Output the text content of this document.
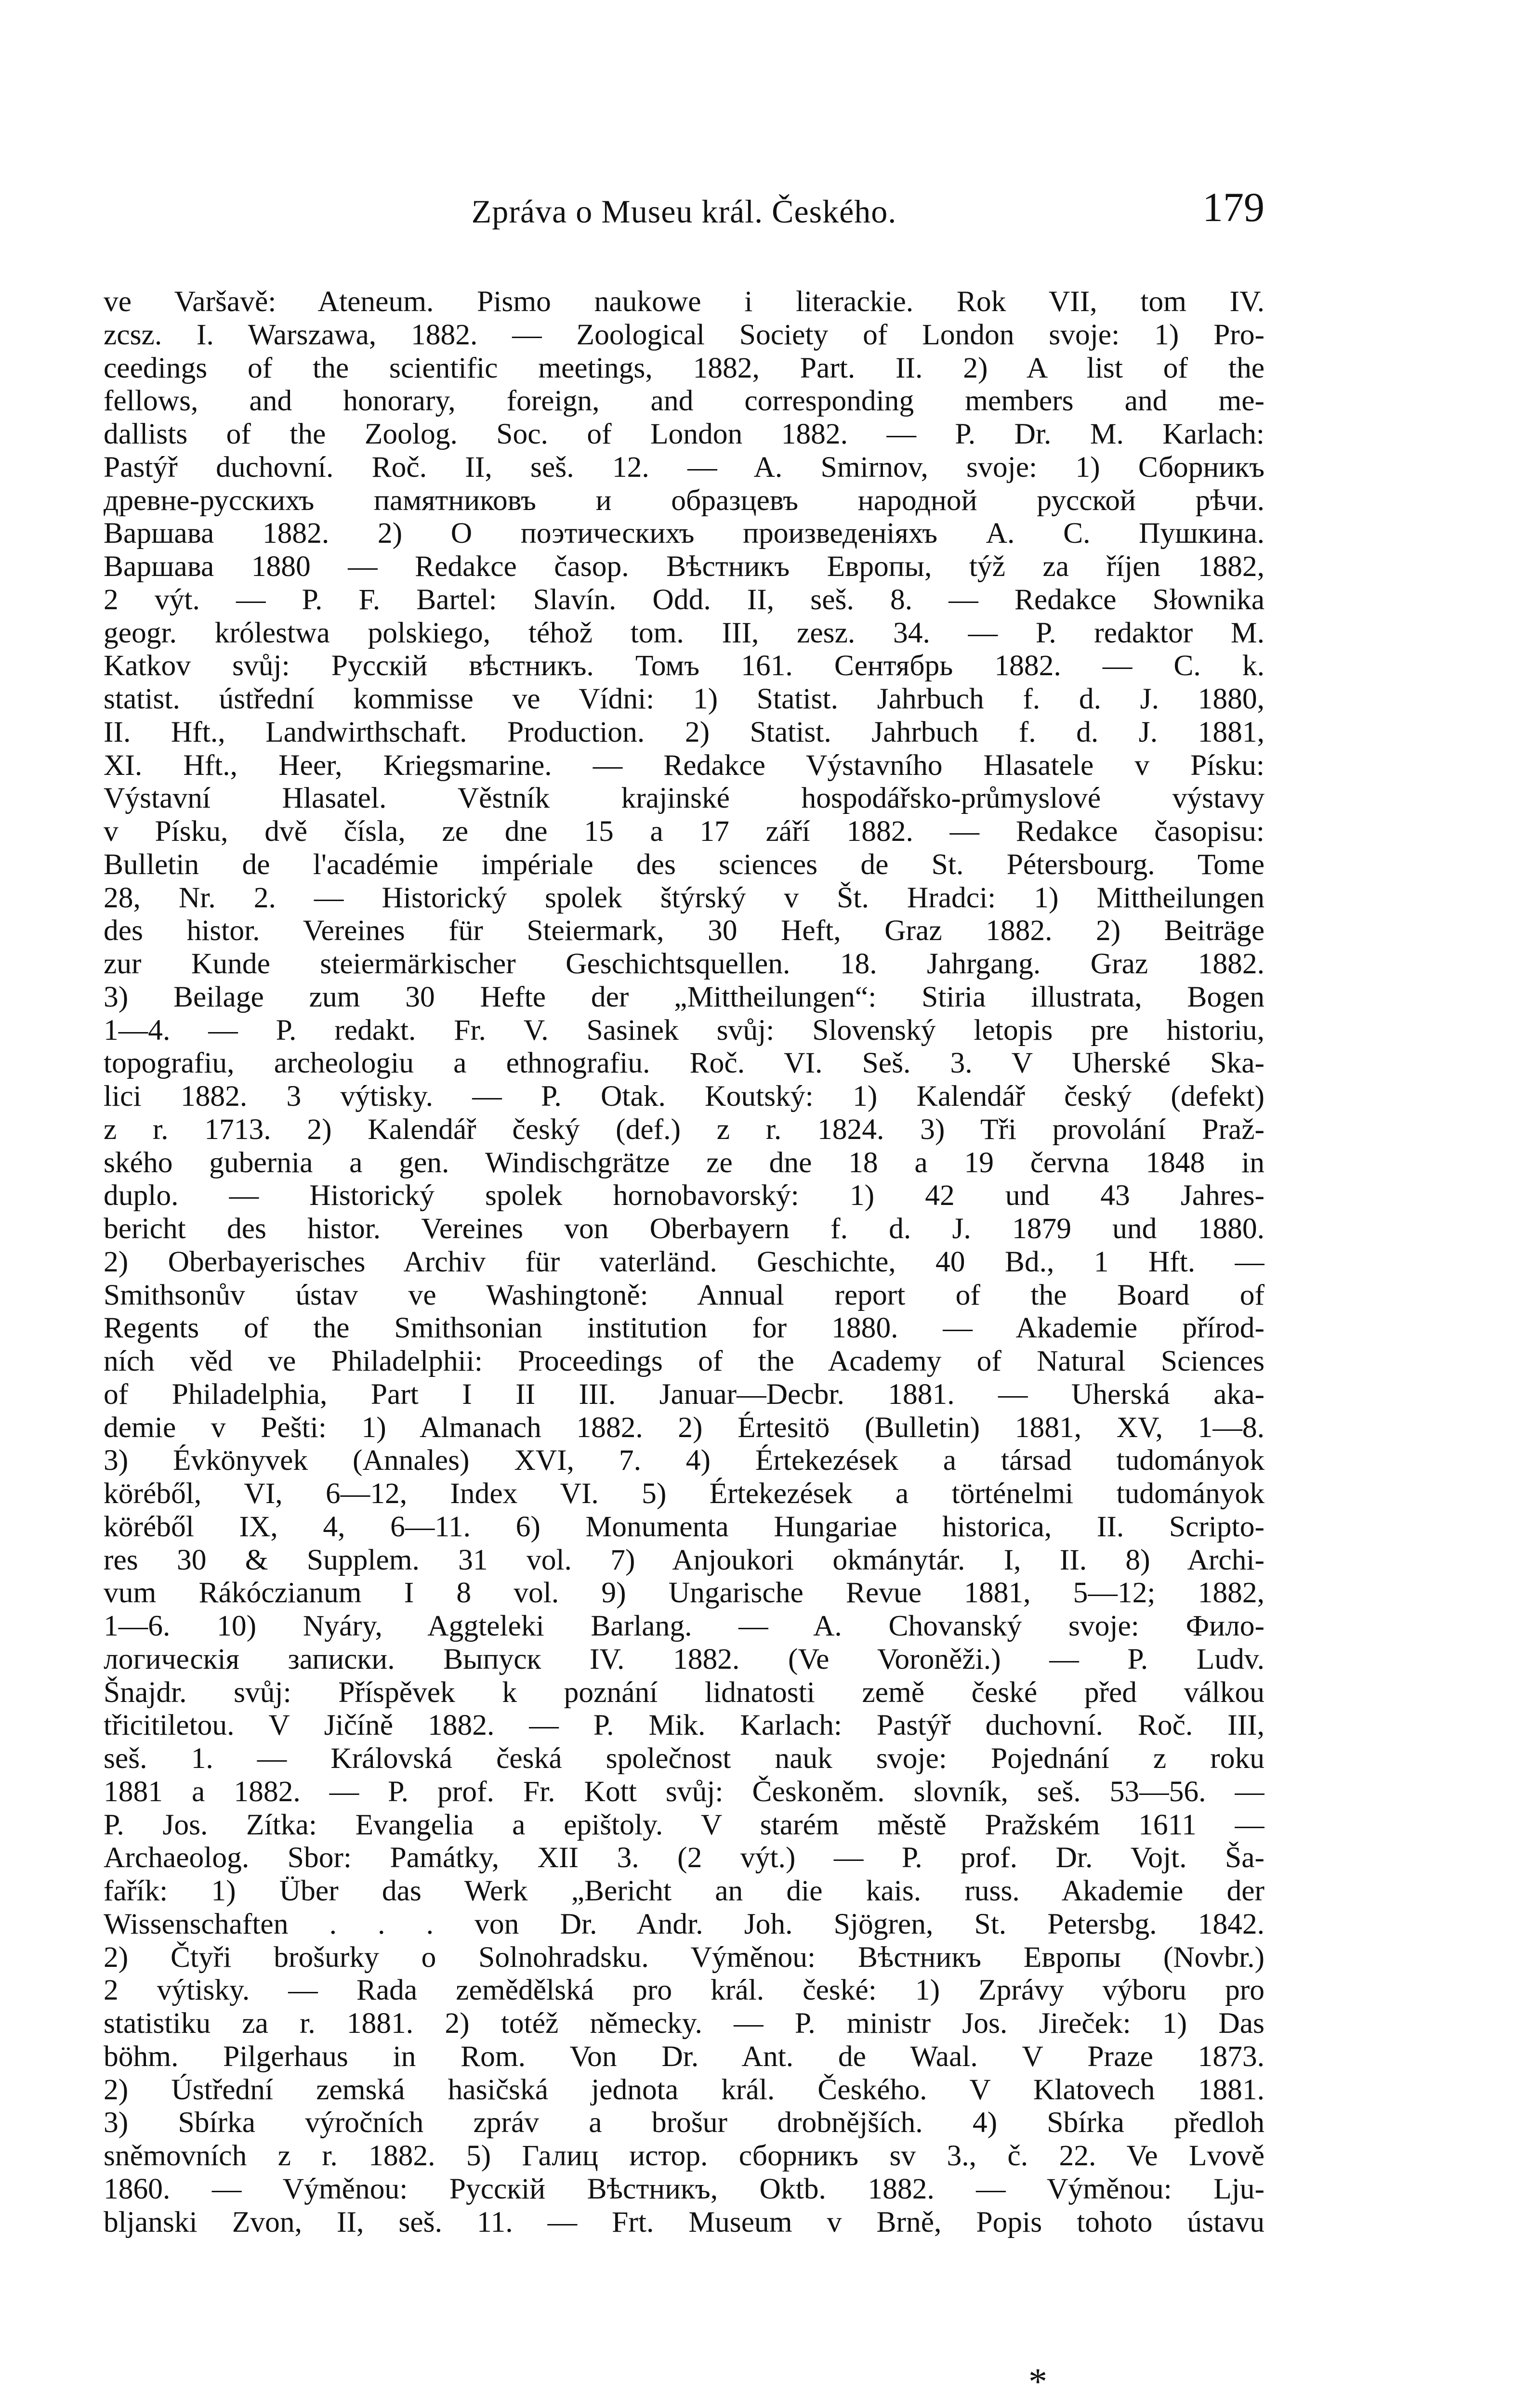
Zpráva o Museu král. Českého.	179
ve Varšavě: Ateneum. Pismo naukowe i literackie. Rok VII, tom IV.
zcsz. I. Warszawa, 1882. — Zoological Society of London svoje: 1) Pro-
ceedings of the scientific meetings, 1882, Part. II. 2) A list of the
fellows, and honorary, foreign, and corresponding members and me-
dallists of the Zoolog. Soc. of London 1882. — P. Dr. M. Karlach:
Pastýř duchovní. Roč. II, seš. 12. — A. Smirnov, svoje: 1) Сборникъ
древне-русскихъ памятниковъ и образцевъ народной русской рѣчи.
Варшава 1882. 2) О поэтическихъ произведеніяхъ А. С. Пушкина.
Варшава 1880 — Redakce časop. Вѣстникъ Европы, týž za říjen 1882,
2 výt. — P. F. Bartel: Slavín. Odd. II, seš. 8. — Redakce Słownika
geogr. królestwa polskiego, téhož tom. III, zesz. 34. — P. redaktor M.
Katkov svůj: Русскій вѣстникъ. Томъ 161. Сентябрь 1882. — C. k.
statist. ústřední kommisse ve Vídni: 1) Statist. Jahrbuch f. d. J. 1880,
II. Hft., Landwirthschaft. Production. 2) Statist. Jahrbuch f. d. J. 1881,
XI. Hft., Heer, Kriegsmarine. — Redakce Výstavního Hlasatele v Písku:
Výstavní Hlasatel. Věstník krajinské hospodářsko-průmyslové výstavy
v Písku, dvě čísla, ze dne 15 a 17 září 1882. — Redakce časopisu:
Bulletin de l'académie impériale des sciences de St. Pétersbourg. Tome
28, Nr. 2. — Historický spolek štýrský v Št. Hradci: 1) Mittheilungen
des histor. Vereines für Steiermark, 30 Heft, Graz 1882. 2) Beiträge
zur Kunde steiermärkischer Geschichtsquellen. 18. Jahrgang. Graz 1882.
3) Beilage zum 30 Hefte der „Mittheilungen“: Stiria illustrata, Bogen
1—4. — P. redakt. Fr. V. Sasinek svůj: Slovenský letopis pre historiu,
topografiu, archeologiu a ethnografiu. Roč. VI. Seš. 3. V Uherské Ska-
lici 1882. 3 výtisky. — P. Otak. Koutský: 1) Kalendář český (defekt)
z r. 1713. 2) Kalendář český (def.) z r. 1824. 3) Tři provolání Praž-
ského gubernia a gen. Windischgrätze ze dne 18 a 19 června 1848 in
duplo. — Historický spolek hornobavorský: 1) 42 und 43 Jahres-
bericht des histor. Vereines von Oberbayern f. d. J. 1879 und 1880.
2) Oberbayerisches Archiv für vaterländ. Geschichte, 40 Bd., 1 Hft. —
Smithsonův ústav ve Washingtoně: Annual report of the Board of
Regents of the Smithsonian institution for 1880. — Akademie přírod-
ních věd ve Philadelphii: Proceedings of the Academy of Natural Sciences
of Philadelphia, Part I II III. Januar—Decbr. 1881. — Uherská aka-
demie v Pešti: 1) Almanach 1882. 2) Értesitö (Bulletin) 1881, XV, 1—8.
3) Évkönyvek (Annales) XVI, 7. 4) Értekezések a társad tudományok
köréből, VI, 6—12, Index VI. 5) Értekezések a történelmi tudományok
köréből IX, 4, 6—11. 6) Monumenta Hungariae historica, II. Scriptо-
res 30 & Supplem. 31 vol. 7) Anjoukori okmánytár. I, II. 8) Archi-
vum Rákóczianum I 8 vol. 9) Ungarische Revue 1881, 5—12; 1882,
1—6. 10) Nyáry, Aggteleki Barlang. — A. Chovanský svoje: Фило-
логическія записки. Выпуск IV. 1882. (Ve Voroněži.) — P. Ludv.
Šnajdr. svůj: Příspěvek k poznání lidnatosti země české před válkou
třicitiletou. V Jičíně 1882. — P. Mik. Karlach: Pastýř duchovní. Roč. III,
seš. 1. — Královská česká společnost nauk svoje: Pojednání z roku
1881 a 1882. — P. prof. Fr. Kott svůj: Českoněm. slovník, seš. 53—56. —
P. Jos. Zítka: Evangelia a epištoly. V starém městě Pražském 1611 —
Archaeolog. Sbor: Památky, XII 3. (2 výt.) — P. prof. Dr. Vojt. Ša-
fařík: 1) Über das Werk „Bericht an die kais. russ. Akademie der
Wissenschaften . . . von Dr. Andr. Joh. Sjögren, St. Petersbg. 1842.
2) Čtyři brošurky o Solnohradsku. Výměnou: Вѣстникъ Европы (Novbr.)
2 výtisky. — Rada zemědělská pro král. české: 1) Zprávy výboru pro
statistiku za r. 1881. 2) totéž německy. — P. ministr Jos. Jireček: 1) Das
böhm. Pilgerhaus in Rom. Von Dr. Ant. de Waal. V Praze 1873.
2) Ústřední zemská hasičská jednota král. Českého. V Klatovech 1881.
3) Sbírka výročních zpráv a brošur drobnějších. 4) Sbírka předloh
sněmovních z r. 1882. 5) Галиц истор. сборникъ sv 3., č. 22. Ve Lvově
1860. — Výměnou: Русскій Вѣстникъ, Oktb. 1882. — Výměnou: Lju-
bljanski Zvon, II, seš. 11. — Frt. Museum v Brně, Popis tohoto ústavu
*
